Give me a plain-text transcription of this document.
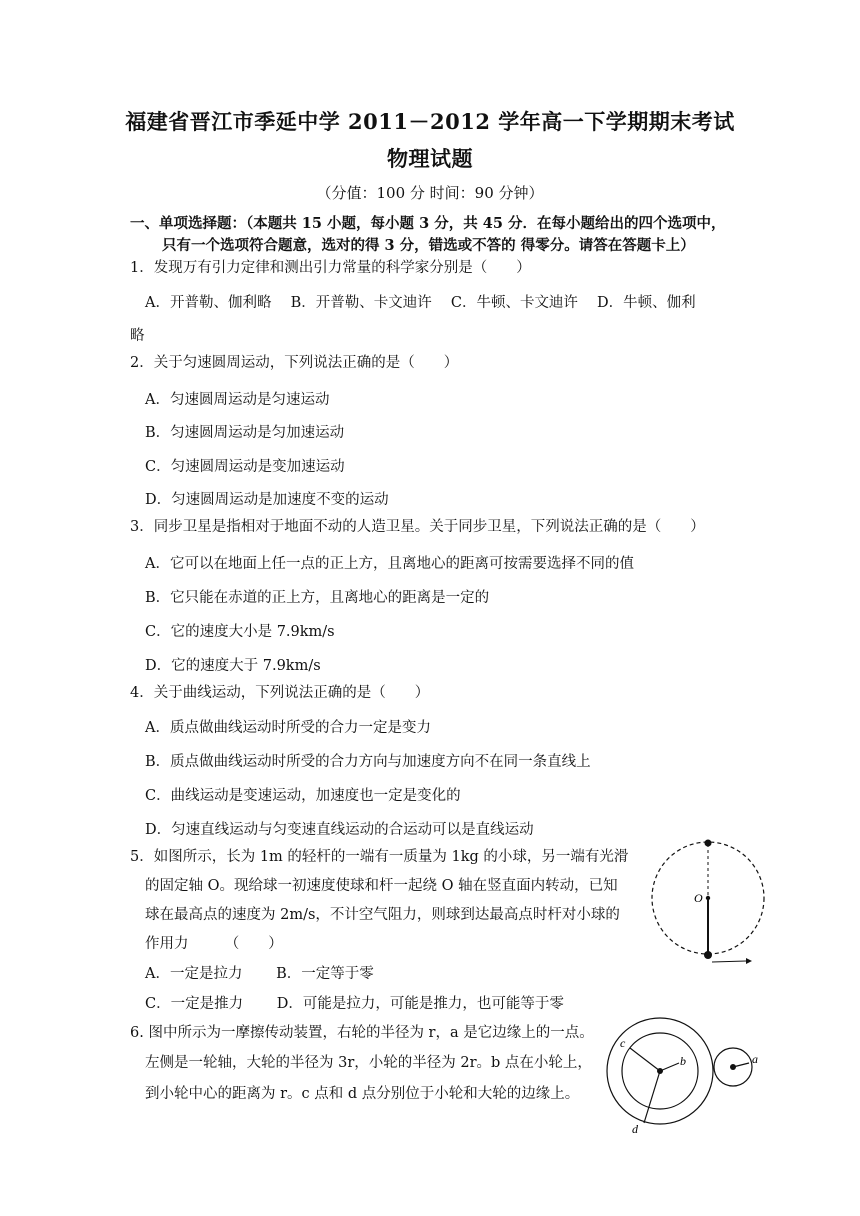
福建省晋江市季延中学 2011－2012 学年高一下学期期末考试
物理试题
（分值：100 分 时间：90 分钟）
一、单项选择题：（本题共 15 小题，每小题 3 分，共 45 分．在每小题给出的四个选项中，
只有一个选项符合题意，选对的得 3 分，错选或不答的 得零分。请答在答题卡上）
1．发现万有引力定律和测出引力常量的科学家分别是（　　）
A．开普勒、伽利略　 B．开普勒、卡文迪许　 C．牛顿、卡文迪许　 D．牛顿、伽利
略
2．关于匀速圆周运动，下列说法正确的是（　　）
A．匀速圆周运动是匀速运动
B．匀速圆周运动是匀加速运动
C．匀速圆周运动是变加速运动
D．匀速圆周运动是加速度不变的运动
3．同步卫星是指相对于地面不动的人造卫星。关于同步卫星，下列说法正确的是（　　）
A．它可以在地面上任一点的正上方，且离地心的距离可按需要选择不同的值
B．它只能在赤道的正上方，且离地心的距离是一定的
C．它的速度大小是 7.9km/s
D．它的速度大于 7.9km/s
4．关于曲线运动，下列说法正确的是（　　）
A．质点做曲线运动时所受的合力一定是变力
B．质点做曲线运动时所受的合力方向与加速度方向不在同一条直线上
C．曲线运动是变速运动，加速度也一定是变化的
D．匀速直线运动与匀变速直线运动的合运动可以是直线运动
5．如图所示，长为 1m 的轻杆的一端有一质量为 1kg 的小球，另一端有光滑
的固定轴 O。现给球一初速度使球和杆一起绕 O 轴在竖直面内转动，已知
球在最高点的速度为 2m/s，不计空气阻力，则球到达最高点时杆对小球的
作用力　　　（　　）
A．一定是拉力　　 B．一定等于零
C．一定是推力　　 D．可能是拉力，可能是推力，也可能等于零
O
6. 图中所示为一摩擦传动装置，右轮的半径为 r，a 是它边缘上的一点。
左侧是一轮轴，大轮的半径为 3r，小轮的半径为 2r。b 点在小轮上，
到小轮中心的距离为 r。c 点和 d 点分别位于小轮和大轮的边缘上。
c
b
d
a
